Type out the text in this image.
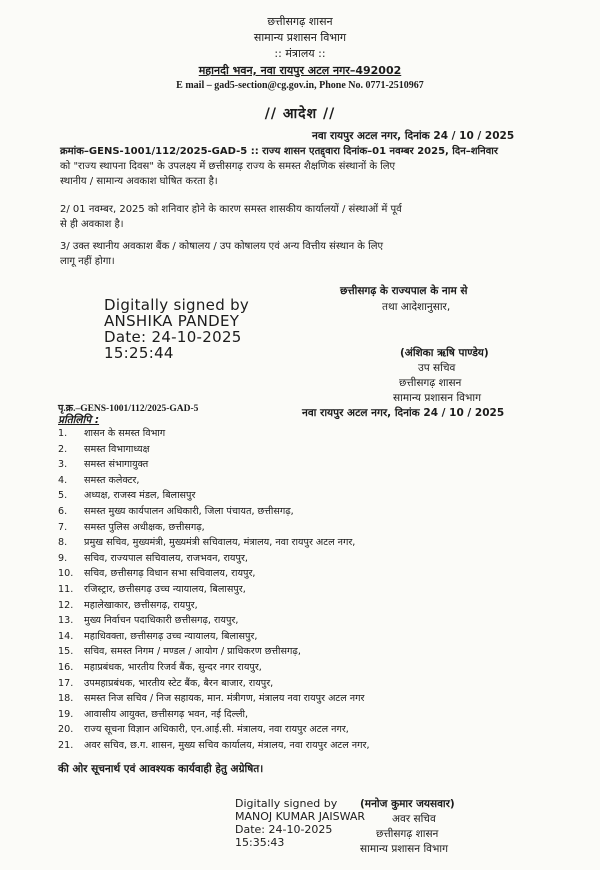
छत्तीसगढ़ शासन
सामान्य प्रशासन विभाग
:: मंत्रालय ::
महानदी भवन, नवा रायपुर अटल नगर–492002
E mail – gad5-section@cg.gov.in, Phone No. 0771-2510967
// आदेश //
नवा रायपुर अटल नगर, दिनांक 24 / 10 / 2025
क्रमांक–GENS-1001/112/2025-GAD-5 :: राज्य शासन एतद्द्वारा दिनांक–01 नवम्बर 2025, दिन–शनिवार
को "राज्य स्थापना दिवस" के उपलक्ष्य में छत्तीसगढ़ राज्य के समस्त शैक्षणिक संस्थानों के लिए
स्थानीय / सामान्य अवकाश घोषित करता है।
2/ 01 नवम्बर, 2025 को शनिवार होने के कारण समस्त शासकीय कार्यालयों / संस्थाओं में पूर्व
से ही अवकाश है।
3/ उक्त स्थानीय अवकाश बैंक / कोषालय / उप कोषालय एवं अन्य वित्तीय संस्थान के लिए
लागू नहीं होगा।
Digitally signed by
ANSHIKA PANDEY
Date: 24-10-2025
15:25:44
छत्तीसगढ़ के राज्यपाल के नाम से
तथा आदेशानुसार,
(अंशिका ऋषि पाण्डेय)
उप सचिव
छत्तीसगढ़ शासन
सामान्य प्रशासन विभाग
नवा रायपुर अटल नगर, दिनांक 24 / 10 / 2025
पृ.क्र.–GENS-1001/112/2025-GAD-5
प्रतिलिपि :
1.	शासन के समस्त विभाग
2.	समस्त विभागाध्यक्ष
3.	समस्त संभागायुक्त
4.	समस्त कलेक्टर,
5.	अध्यक्ष, राजस्व मंडल, बिलासपुर
6.	समस्त मुख्य कार्यपालन अधिकारी, जिला पंचायत, छत्तीसगढ़,
7.	समस्त पुलिस अधीक्षक, छत्तीसगढ़,
8.	प्रमुख सचिव, मुख्यमंत्री, मुख्यमंत्री सचिवालय, मंत्रालय, नवा रायपुर अटल नगर,
9.	सचिव, राज्यपाल सचिवालय, राजभवन, रायपुर,
10.	सचिव, छत्तीसगढ़ विधान सभा सचिवालय, रायपुर,
11.	रजिस्ट्रार, छत्तीसगढ़ उच्च न्यायालय, बिलासपुर,
12.	महालेखाकार, छत्तीसगढ़, रायपुर,
13.	मुख्य निर्वाचन पदाधिकारी छत्तीसगढ़, रायपुर,
14.	महाधिवक्ता, छत्तीसगढ़ उच्च न्यायालय, बिलासपुर,
15.	सचिव, समस्त निगम / मण्डल / आयोग / प्राधिकरण छत्तीसगढ़,
16.	महाप्रबंधक, भारतीय रिजर्व बैंक, सुन्दर नगर रायपुर,
17.	उपमहाप्रबंधक, भारतीय स्टेट बैंक, बैरन बाजार, रायपुर,
18.	समस्त निज सचिव / निज सहायक, मान. मंत्रीगण, मंत्रालय नवा रायपुर अटल नगर
19.	आवासीय आयुक्त, छत्तीसगढ़ भवन, नई दिल्ली,
20.	राज्य सूचना विज्ञान अधिकारी, एन.आई.सी. मंत्रालय, नवा रायपुर अटल नगर,
21.	अवर सचिव, छ.ग. शासन, मुख्य सचिव कार्यालय, मंत्रालय, नवा रायपुर अटल नगर,
की ओर सूचनार्थ एवं आवश्यक कार्यवाही हेतु अग्रेषित।
Digitally signed by
MANOJ KUMAR JAISWAR
Date: 24-10-2025
15:35:43
(मनोज कुमार जयसवार)
अवर सचिव
छत्तीसगढ़ शासन
सामान्य प्रशासन विभाग
